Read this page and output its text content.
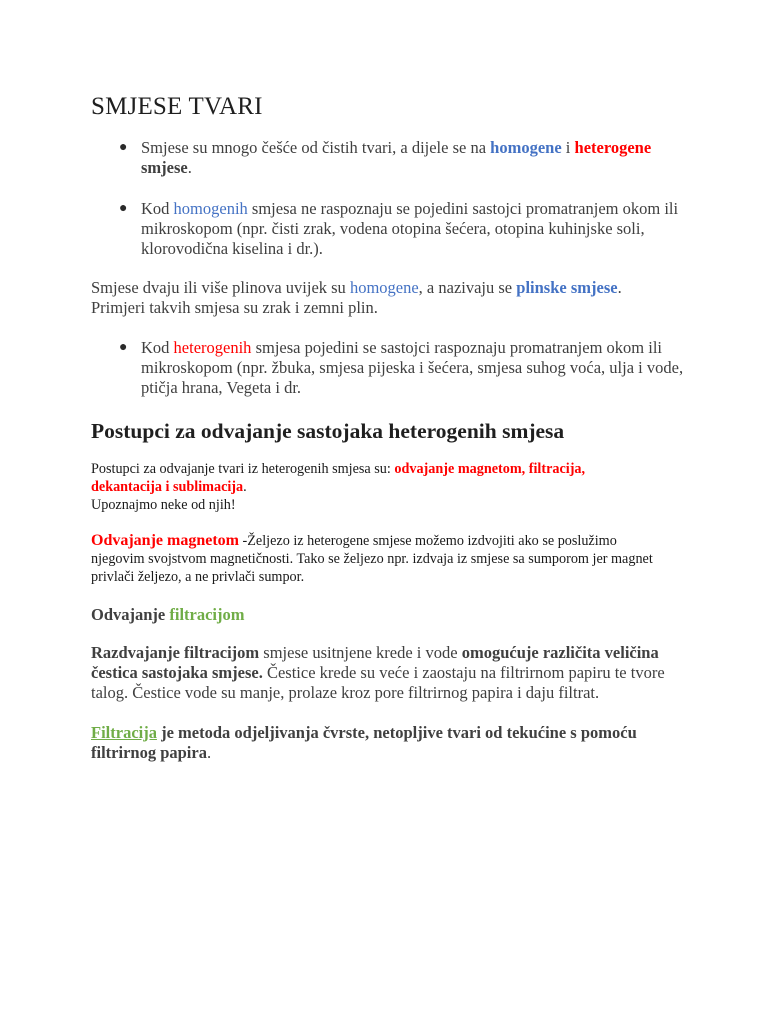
SMJESE TVARI
● Smjese su mnogo češće od čistih tvari, a dijele se na homogene i heterogene
smjese.
● Kod homogenih smjesa ne raspoznaju se pojedini sastojci promatranjem okom ili mikroskopom (npr. čisti zrak, vodena otopina šećera, otopina kuhinjske soli, klorovodična kiselina i dr.).
Smjese dvaju ili više plinova uvijek su homogene, a nazivaju se plinske smjese. Primjeri takvih smjesa su zrak i zemni plin.
● Kod heterogenih smjesa pojedini se sastojci raspoznaju promatranjem okom ili mikroskopom (npr. žbuka, smjesa pijeska i šećera, smjesa suhog voća, ulja i vode, ptičja hrana, Vegeta i dr.
Postupci za odvajanje sastojaka heterogenih smjesa
Postupci za odvajanje tvari iz heterogenih smjesa su: odvajanje magnetom, filtracija, dekantacija i sublimacija.
Upoznajmo neke od njih!
Odvajanje magnetom -Željezo iz heterogene smjese možemo izdvojiti ako se poslužimo njegovim svojstvom magnetičnosti. Tako se željezo npr. izdvaja iz smjese sa sumporom jer magnet privlači željezo, a ne privlači sumpor.
Odvajanje filtracijom
Razdvajanje filtracijom smjese usitnjene krede i vode omogućuje različita veličina čestica sastojaka smjese. Čestice krede su veće i zaostaju na filtrirnom papiru te tvore talog. Čestice vode su manje, prolaze kroz pore filtrirnog papira i daju filtrat.
Filtracija je metoda odjeljivanja čvrste, netopljive tvari od tekućine s pomoću filtrirnog papira.
